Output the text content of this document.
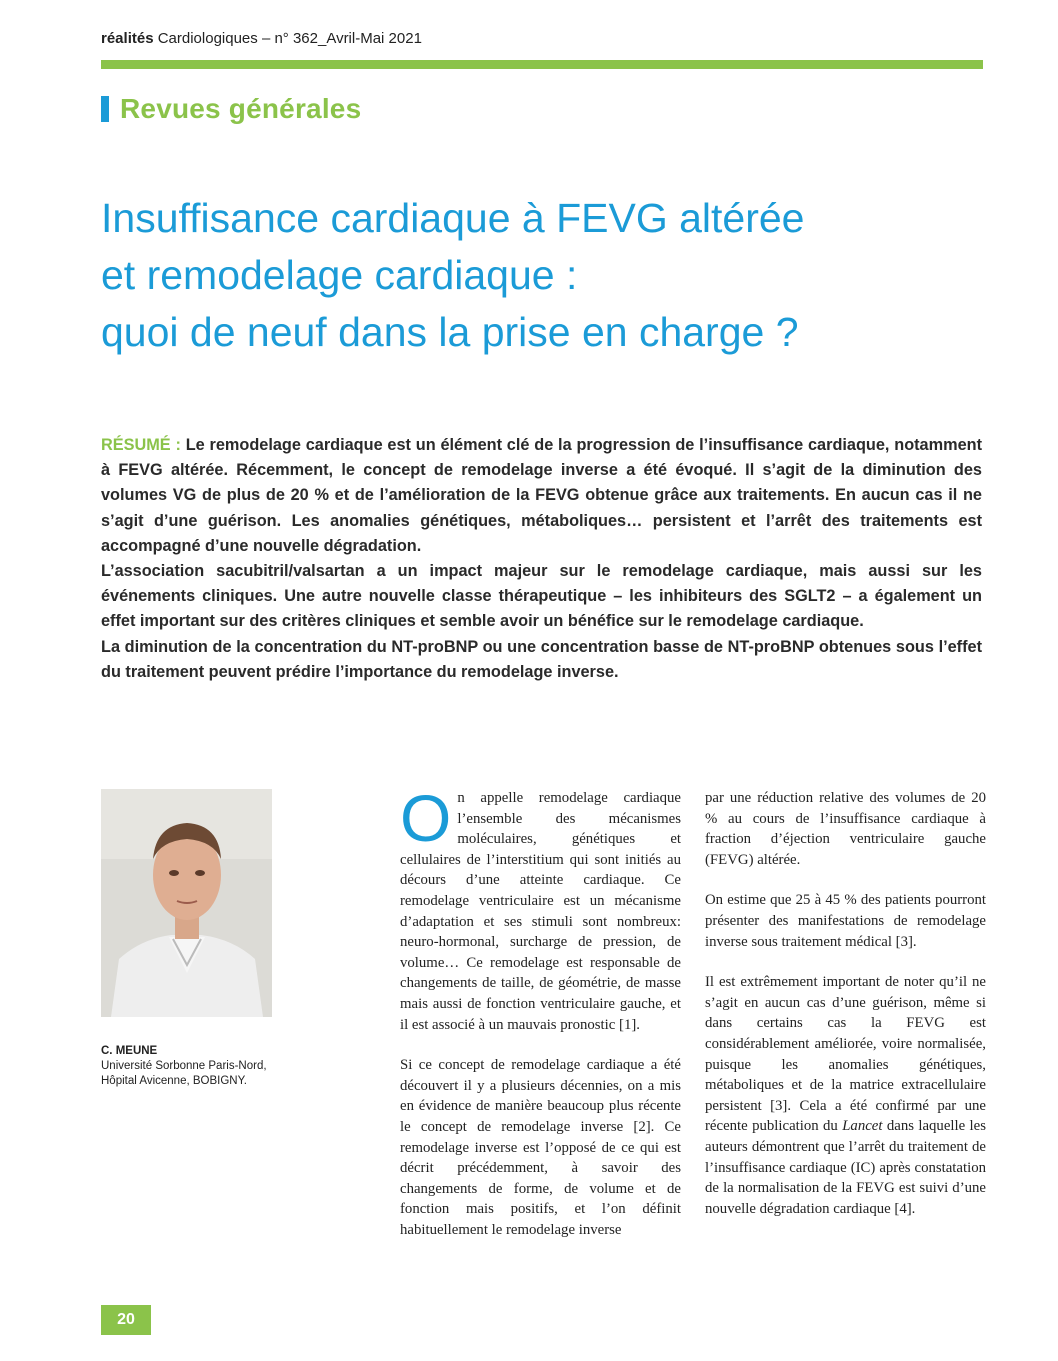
réalités Cardiologiques – n° 362_Avril-Mai 2021
Revues générales
Insuffisance cardiaque à FEVG altérée
et remodelage cardiaque :
quoi de neuf dans la prise en charge ?

RÉSUMÉ : Le remodelage cardiaque est un élément clé de la progression de l’insuffisance cardiaque, notamment à FEVG altérée. Récemment, le concept de remodelage inverse a été évoqué. Il s’agit de la diminution des volumes VG de plus de 20 % et de l’amélioration de la FEVG obtenue grâce aux traitements. En aucun cas il ne s’agit d’une guérison. Les anomalies génétiques, métaboliques… persistent et l’arrêt des traitements est accompagné d’une nouvelle dégradation.

L’association sacubitril/valsartan a un impact majeur sur le remodelage cardiaque, mais aussi sur les événements cliniques. Une autre nouvelle classe thérapeutique – les inhibiteurs des SGLT2 – a également un effet important sur des critères cliniques et semble avoir un bénéfice sur le remodelage cardiaque.

La diminution de la concentration du NT-proBNP ou une concentration basse de NT-proBNP obtenues sous l’effet du traitement peuvent prédire l’importance du remodelage inverse.

C. MEUNE
Université Sorbonne Paris-Nord,
Hôpital Avicenne, BOBIGNY.

On appelle remodelage cardiaque l’ensemble des mécanismes moléculaires, génétiques et cellulaires de l’interstitium qui sont initiés au décours d’une atteinte cardiaque. Ce remodelage ventriculaire est un mécanisme d’adaptation et ses stimuli sont nombreux: neuro-hormonal, surcharge de pression, de volume… Ce remodelage est responsable de changements de taille, de géométrie, de masse mais aussi de fonction ventriculaire gauche, et il est associé à un mauvais pronostic [1].

Si ce concept de remodelage cardiaque a été découvert il y a plusieurs décennies, on a mis en évidence de manière beaucoup plus récente le concept de remodelage inverse [2]. Ce remodelage inverse est l’opposé de ce qui est décrit précédemment, à savoir des changements de forme, de volume et de fonction mais positifs, et l’on définit habituellement le remodelage inverse

par une réduction relative des volumes de 20 % au cours de l’insuffisance cardiaque à fraction d’éjection ventriculaire gauche (FEVG) altérée.

On estime que 25 à 45 % des patients pourront présenter des manifestations de remodelage inverse sous traitement médical [3].

Il est extrêmement important de noter qu’il ne s’agit en aucun cas d’une guérison, même si dans certains cas la FEVG est considérablement améliorée, voire normalisée, puisque les anomalies génétiques, métaboliques et de la matrice extracellulaire persistent [3]. Cela a été confirmé par une récente publication du Lancet dans laquelle les auteurs démontrent que l’arrêt du traitement de l’insuffisance cardiaque (IC) après constatation de la normalisation de la FEVG est suivi d’une nouvelle dégradation cardiaque [4].

20
